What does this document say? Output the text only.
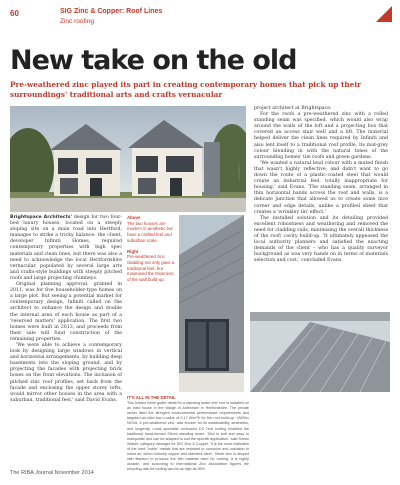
60	SIG Zinc & Copper: Roof Lines
Zinc roofing
New take on the old

Pre-weathered zinc played its part in creating contemporary homes that pick up their surroundings' traditional arts and crafts vernacular

Alan Williams

Brightspace Architects' design for two four-bed luxury houses, located on a steeply sloping site on a main road into Hertford, manages to strike a tricky balance: the client, developer Infiniti Homes, required contemporary properties with high spec materials and clean lines, but there was also a need to acknowledge the local Hertfordshire vernacular, populated by several large arts and crafts-style buildings with steeply pitched roofs and large projecting chimneys.

Original planning approval, granted in 2011, was for five householder-type homes on a large plot. But seeing a potential market for contemporary design, Infiniti called on the architect to enhance the design and double the internal area of each house as part of a 'reserved matters' application. The first two homes were built in 2013, and proceeds from their sale will fund construction of the remaining properties.

'We were able to achieve a contemporary look by designing large windows in vertical and horizontal arrangements, by building deep basements into the sloping ground, and by projecting the facades with projecting brick boxes on the front elevations. The inclusion of pitched zinc roof profiles, set back from the facade and enclosing the upper storey lofts, would mirror other houses in the area with a suburban, traditional feel,' said David Evans,

Above
The two houses are modern in aesthetic but have a crafted feel and suburban scale.
Right
Pre-weathered zinc cladding not only gave a traditional feel, but minimised the thickness of the wall build-up.

project architect at Brightspace.

For the roofs a pre-weathered zinc with a rolled standing seam was specified, which would also wrap around the walls of the loft and a projecting box that covered an access stair well and a lift. The material helped deliver the clean lines required by Infiniti and also lent itself to a traditional roof profile, its mid-grey colour blending in with the natural tones of the surrounding homes' tile roofs and green gardens.

'We wanted a natural lead colour with a muted finish that wasn't highly reflective, and didn't want to go down the route of a plastic-coated steel that would create an industrial feel, totally inappropriate for housing,' said Evans. 'The standing seam, arranged in thin horizontal bands across the roof and walls, is a delicate junction that allowed us to create some nice corner and edge details, unlike a profiled sheet that creates a 'wrinkley tin' effect.'

The installed solution and its detailing provided excellent robustness and weathering and removed the need for cladding rails, minimising the overall thickness of the roof/ cavity build-up. 'It ultimately appeased the local authority planners and satisfied the exacting demands of the client – who has a quality surveyor background as was very hands on in terms of materials selection and cost,' concluded Evans.

IT'S ALL IN THE DETAIL
This hidden inline gutter detail for a standing seam zinc roof is installed on an east house in the village of Aldenham in Hertfordshire. The private owner liked the stringent environmental performance requirements and targeted an ultra low u-value of 0.17 W/m²K for the roof build-up. VMZinc NOVA, a pre-weathered zinc, was chosen for its sustainability, aesthetics, and longevity. Local specialist contractor DC Holt roofing installed the traditional hand-formed 25mm standing seam. 'Zinc is soft and easy to manipulate and can be adapted to suit the specific application,' said Simon Walker, category manager for SIG Zinc & Copper. 'It is the most malleable of the hard "noble" metals that are resistant to corrosion and oxidation to resist air, which industry copper and stainless steel.' Sheet zinc is alloyed with titanium to produce the thin material used for roofing. It is highly durable, and according to International Zinc Association figures the recycling rate for roofing can be as high as 95%.
The RIBA Journal November 2014
